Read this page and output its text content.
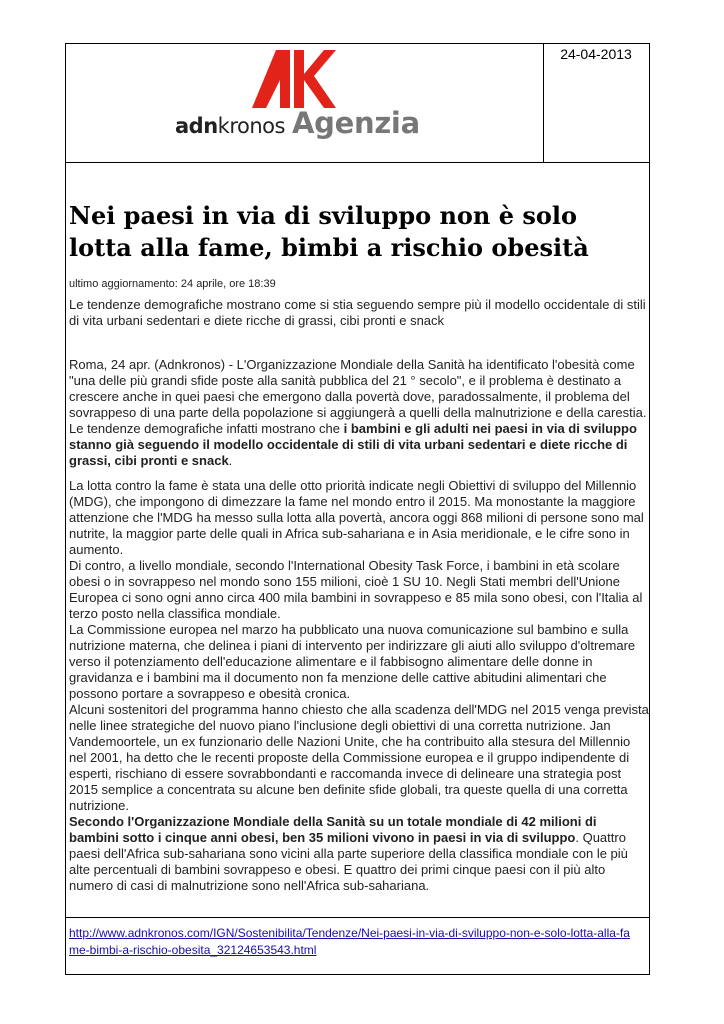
24-04-2013
adnkronos Agenzia
Nei paesi in via di sviluppo non è solo lotta alla fame, bimbi a rischio obesità
ultimo aggiornamento: 24 aprile, ore 18:39

Le tendenze demografiche mostrano come si stia seguendo sempre più il modello occidentale di stili di vita urbani sedentari e diete ricche di grassi, cibi pronti e snack

Roma, 24 apr. (Adnkronos) - L'Organizzazione Mondiale della Sanità ha identificato l'obesità come "una delle più grandi sfide poste alla sanità pubblica del 21 ° secolo", e il problema è destinato a crescere anche in quei paesi che emergono dalla povertà dove, paradossalmente, il problema del sovrappeso di una parte della popolazione si aggiungerà a quelli della malnutrizione e della carestia. Le tendenze demografiche infatti mostrano che i bambini e gli adulti nei paesi in via di sviluppo stanno già seguendo il modello occidentale di stili di vita urbani sedentari e diete ricche di grassi, cibi pronti e snack.

La lotta contro la fame è stata una delle otto priorità indicate negli Obiettivi di sviluppo del Millennio (MDG), che impongono di dimezzare la fame nel mondo entro il 2015. Ma monostante la maggiore attenzione che l'MDG ha messo sulla lotta alla povertà, ancora oggi 868 milioni di persone sono mal nutrite, la maggior parte delle quali in Africa sub-sahariana e in Asia meridionale, e le cifre sono in aumento.

Di contro, a livello mondiale, secondo l'International Obesity Task Force, i bambini in età scolare obesi o in sovrappeso nel mondo sono 155 milioni, cioè 1 SU 10. Negli Stati membri dell'Unione Europea ci sono ogni anno circa 400 mila bambini in sovrappeso e 85 mila sono obesi, con l'Italia al terzo posto nella classifica mondiale.

La Commissione europea nel marzo ha pubblicato una nuova comunicazione sul bambino e sulla nutrizione materna, che delinea i piani di intervento per indirizzare gli aiuti allo sviluppo d'oltremare verso il potenziamento dell'educazione alimentare e il fabbisogno alimentare delle donne in gravidanza e i bambini ma il documento non fa menzione delle cattive abitudini alimentari che possono portare a sovrappeso e obesità cronica.

Alcuni sostenitori del programma hanno chiesto che alla scadenza dell'MDG nel 2015 venga prevista nelle linee strategiche del nuovo piano l'inclusione degli obiettivi di una corretta nutrizione. Jan Vandemoortele, un ex funzionario delle Nazioni Unite, che ha contribuito alla stesura del Millennio nel 2001, ha detto che le recenti proposte della Commissione europea e il gruppo indipendente di esperti, rischiano di essere sovrabbondanti e raccomanda invece di delineare una strategia post 2015 semplice a concentrata su alcune ben definite sfide globali, tra queste quella di una corretta nutrizione.

Secondo l'Organizzazione Mondiale della Sanità su un totale mondiale di 42 milioni di bambini sotto i cinque anni obesi, ben 35 milioni vivono in paesi in via di sviluppo. Quattro paesi dell'Africa sub-sahariana sono vicini alla parte superiore della classifica mondiale con le più alte percentuali di bambini sovrappeso e obesi. E quattro dei primi cinque paesi con il più alto numero di casi di malnutrizione sono nell'Africa sub-sahariana.

http://www.adnkronos.com/IGN/Sostenibilita/Tendenze/Nei-paesi-in-via-di-sviluppo-non-e-solo-lotta-alla-fame-bimbi-a-rischio-obesita_32124653543.html
